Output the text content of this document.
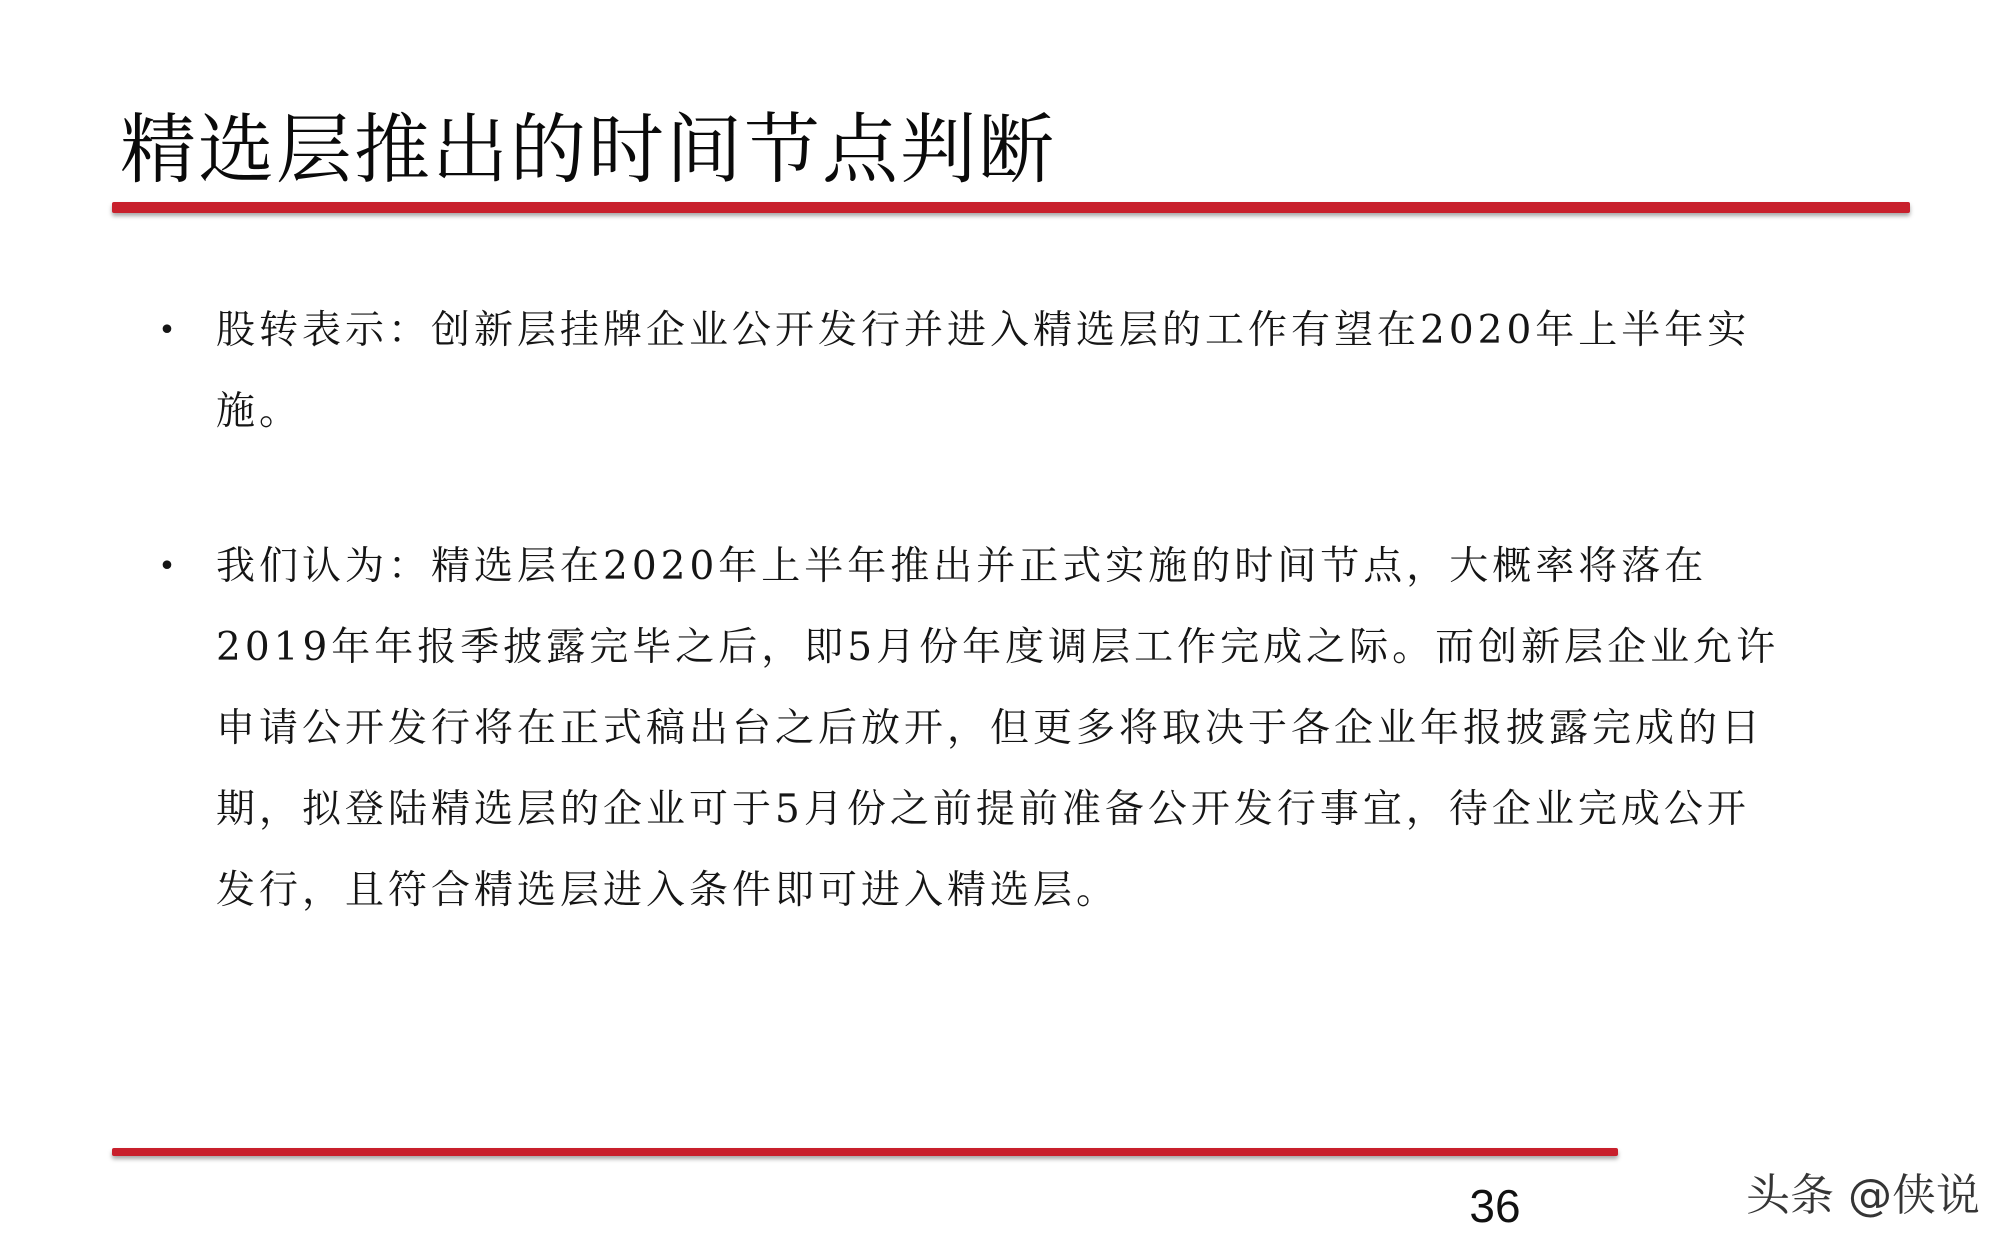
精选层推出的时间节点判断
• 股转表示：创新层挂牌企业公开发行并进入精选层的工作有望在2020年上半年实施。
• 我们认为：精选层在2020年上半年推出并正式实施的时间节点，大概率将落在2019年年报季披露完毕之后，即5月份年度调层工作完成之际。而创新层企业允许申请公开发行将在正式稿出台之后放开，但更多将取决于各企业年报披露完成的日期，拟登陆精选层的企业可于5月份之前提前准备公开发行事宜，待企业完成公开发行，且符合精选层进入条件即可进入精选层。
36	头条 @侠说
